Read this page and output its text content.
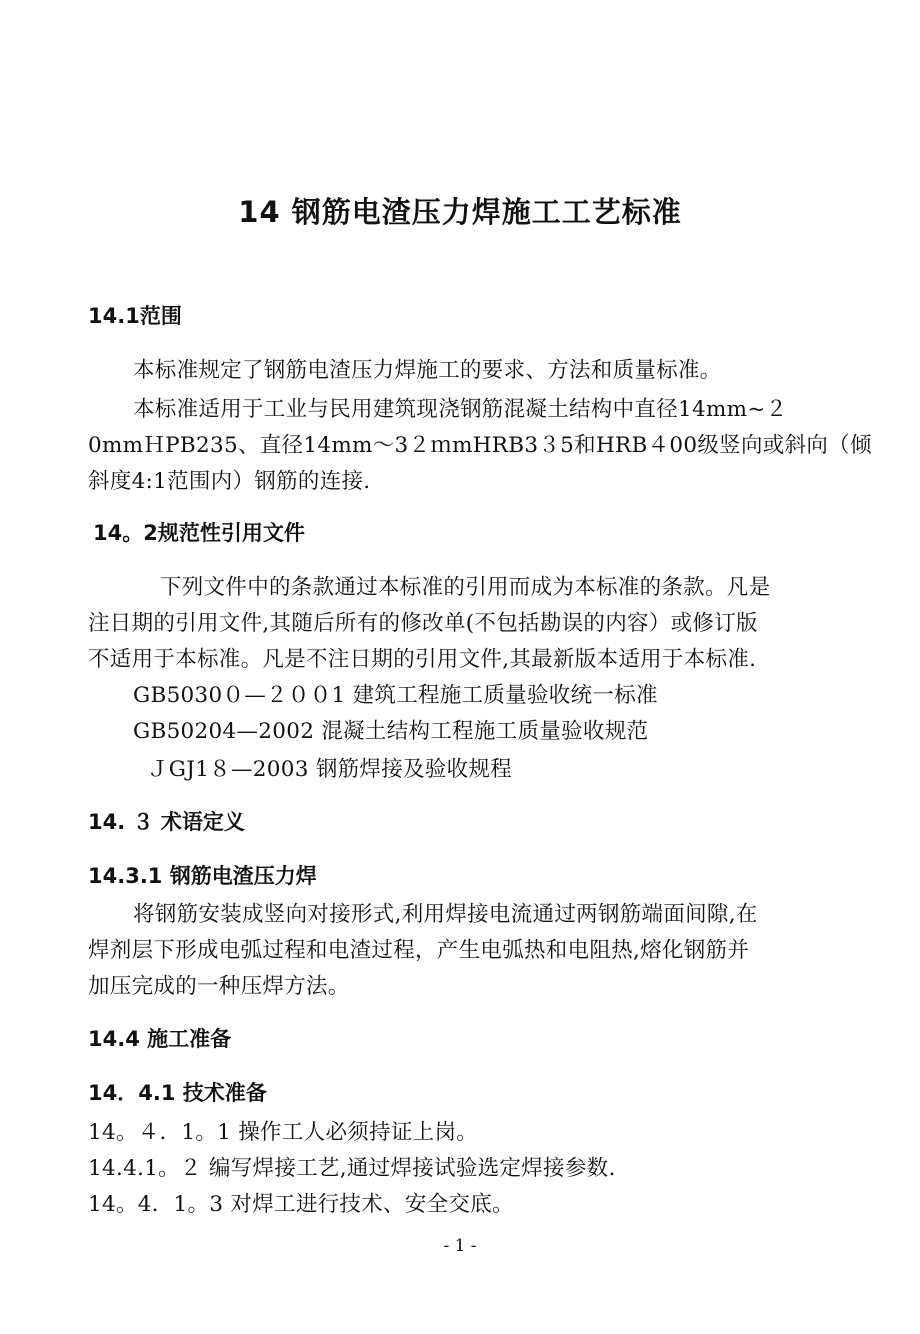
14 钢筋电渣压力焊施工工艺标准
14.1范围
本标准规定了钢筋电渣压力焊施工的要求、方法和质量标准。
本标准适用于工业与民用建筑现浇钢筋混凝土结构中直径14mm~２
0mmＨPB235、直径14mm～3２ｍmHRB3３5和HRB４00级竖向或斜向（倾
斜度4:1范围内）钢筋的连接.
14。2规范性引用文件
下列文件中的条款通过本标准的引用而成为本标准的条款。凡是
注日期的引用文件,其随后所有的修改单(不包括勘误的内容）或修订版
不适用于本标准。凡是不注日期的引用文件,其最新版本适用于本标准.
GB5030０—２００1 建筑工程施工质量验收统一标准
GB50204—2002 混凝土结构工程施工质量验收规范
ＪGJ1８—2003 钢筋焊接及验收规程
14. ３ 术语定义
14.3.1 钢筋电渣压力焊
将钢筋安装成竖向对接形式,利用焊接电流通过两钢筋端面间隙,在
焊剂层下形成电弧过程和电渣过程，产生电弧热和电阻热,熔化钢筋并
加压完成的一种压焊方法。
14.4 施工准备
14．4.1 技术准备
14。４．1。1 操作工人必须持证上岗。
14.4.1。２ 编写焊接工艺,通过焊接试验选定焊接参数.
14。4．1。3 对焊工进行技术、安全交底。
- 1 -
